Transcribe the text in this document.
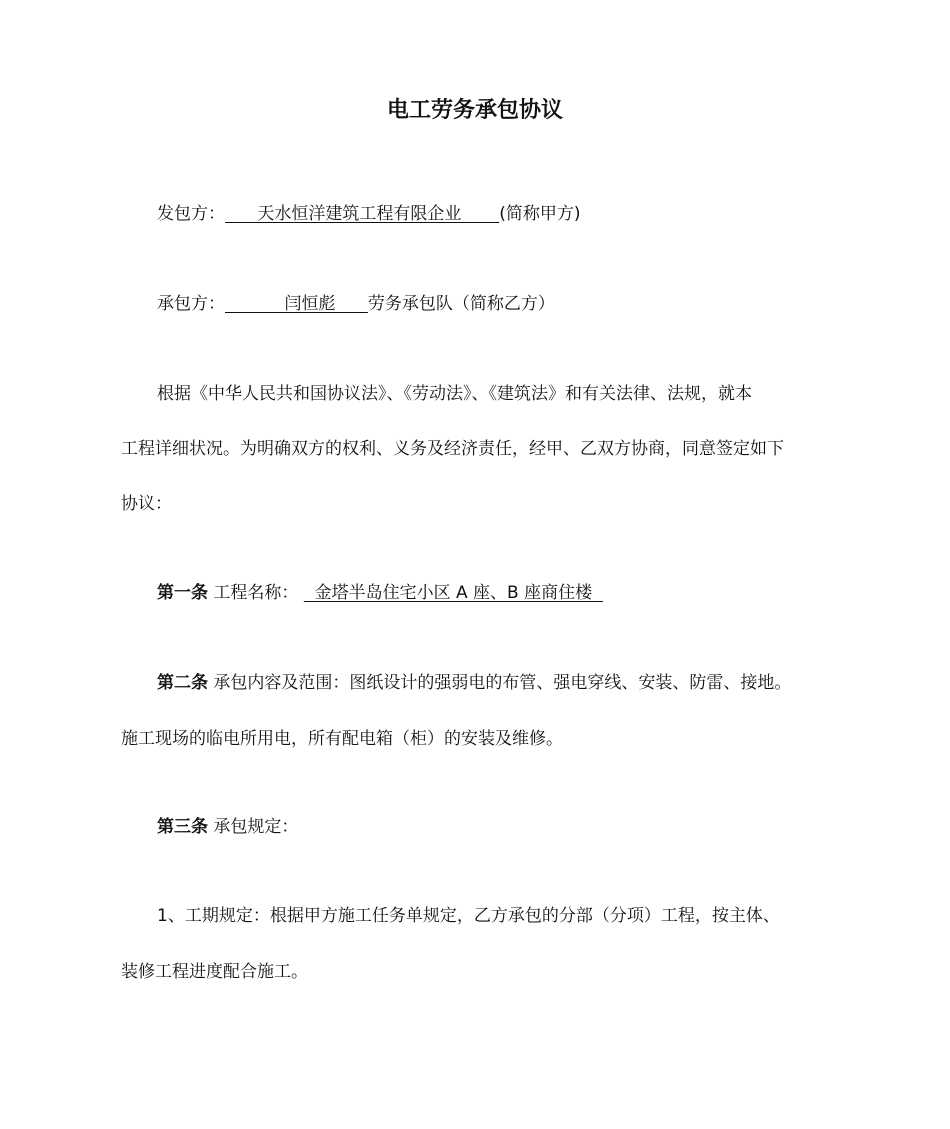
电工劳务承包协议
发包方：      天水恒洋建筑工程有限企业       (简称甲方)
承包方：           闫恒彪      劳务承包队（简称乙方）
根据《中华人民共和国协议法》、《劳动法》、《建筑法》和有关法律、法规，就本
工程详细状况。为明确双方的权利、义务及经济责任，经甲、乙双方协商，同意签定如下
协议：
第一条 工程名称：   金塔半岛住宅小区 A 座、B 座商住楼
第二条 承包内容及范围：图纸设计的强弱电的布管、强电穿线、安装、防雷、接地。
施工现场的临电所用电，所有配电箱（柜）的安装及维修。
第三条 承包规定：
1、工期规定：根据甲方施工任务单规定，乙方承包的分部（分项）工程，按主体、
装修工程进度配合施工。
